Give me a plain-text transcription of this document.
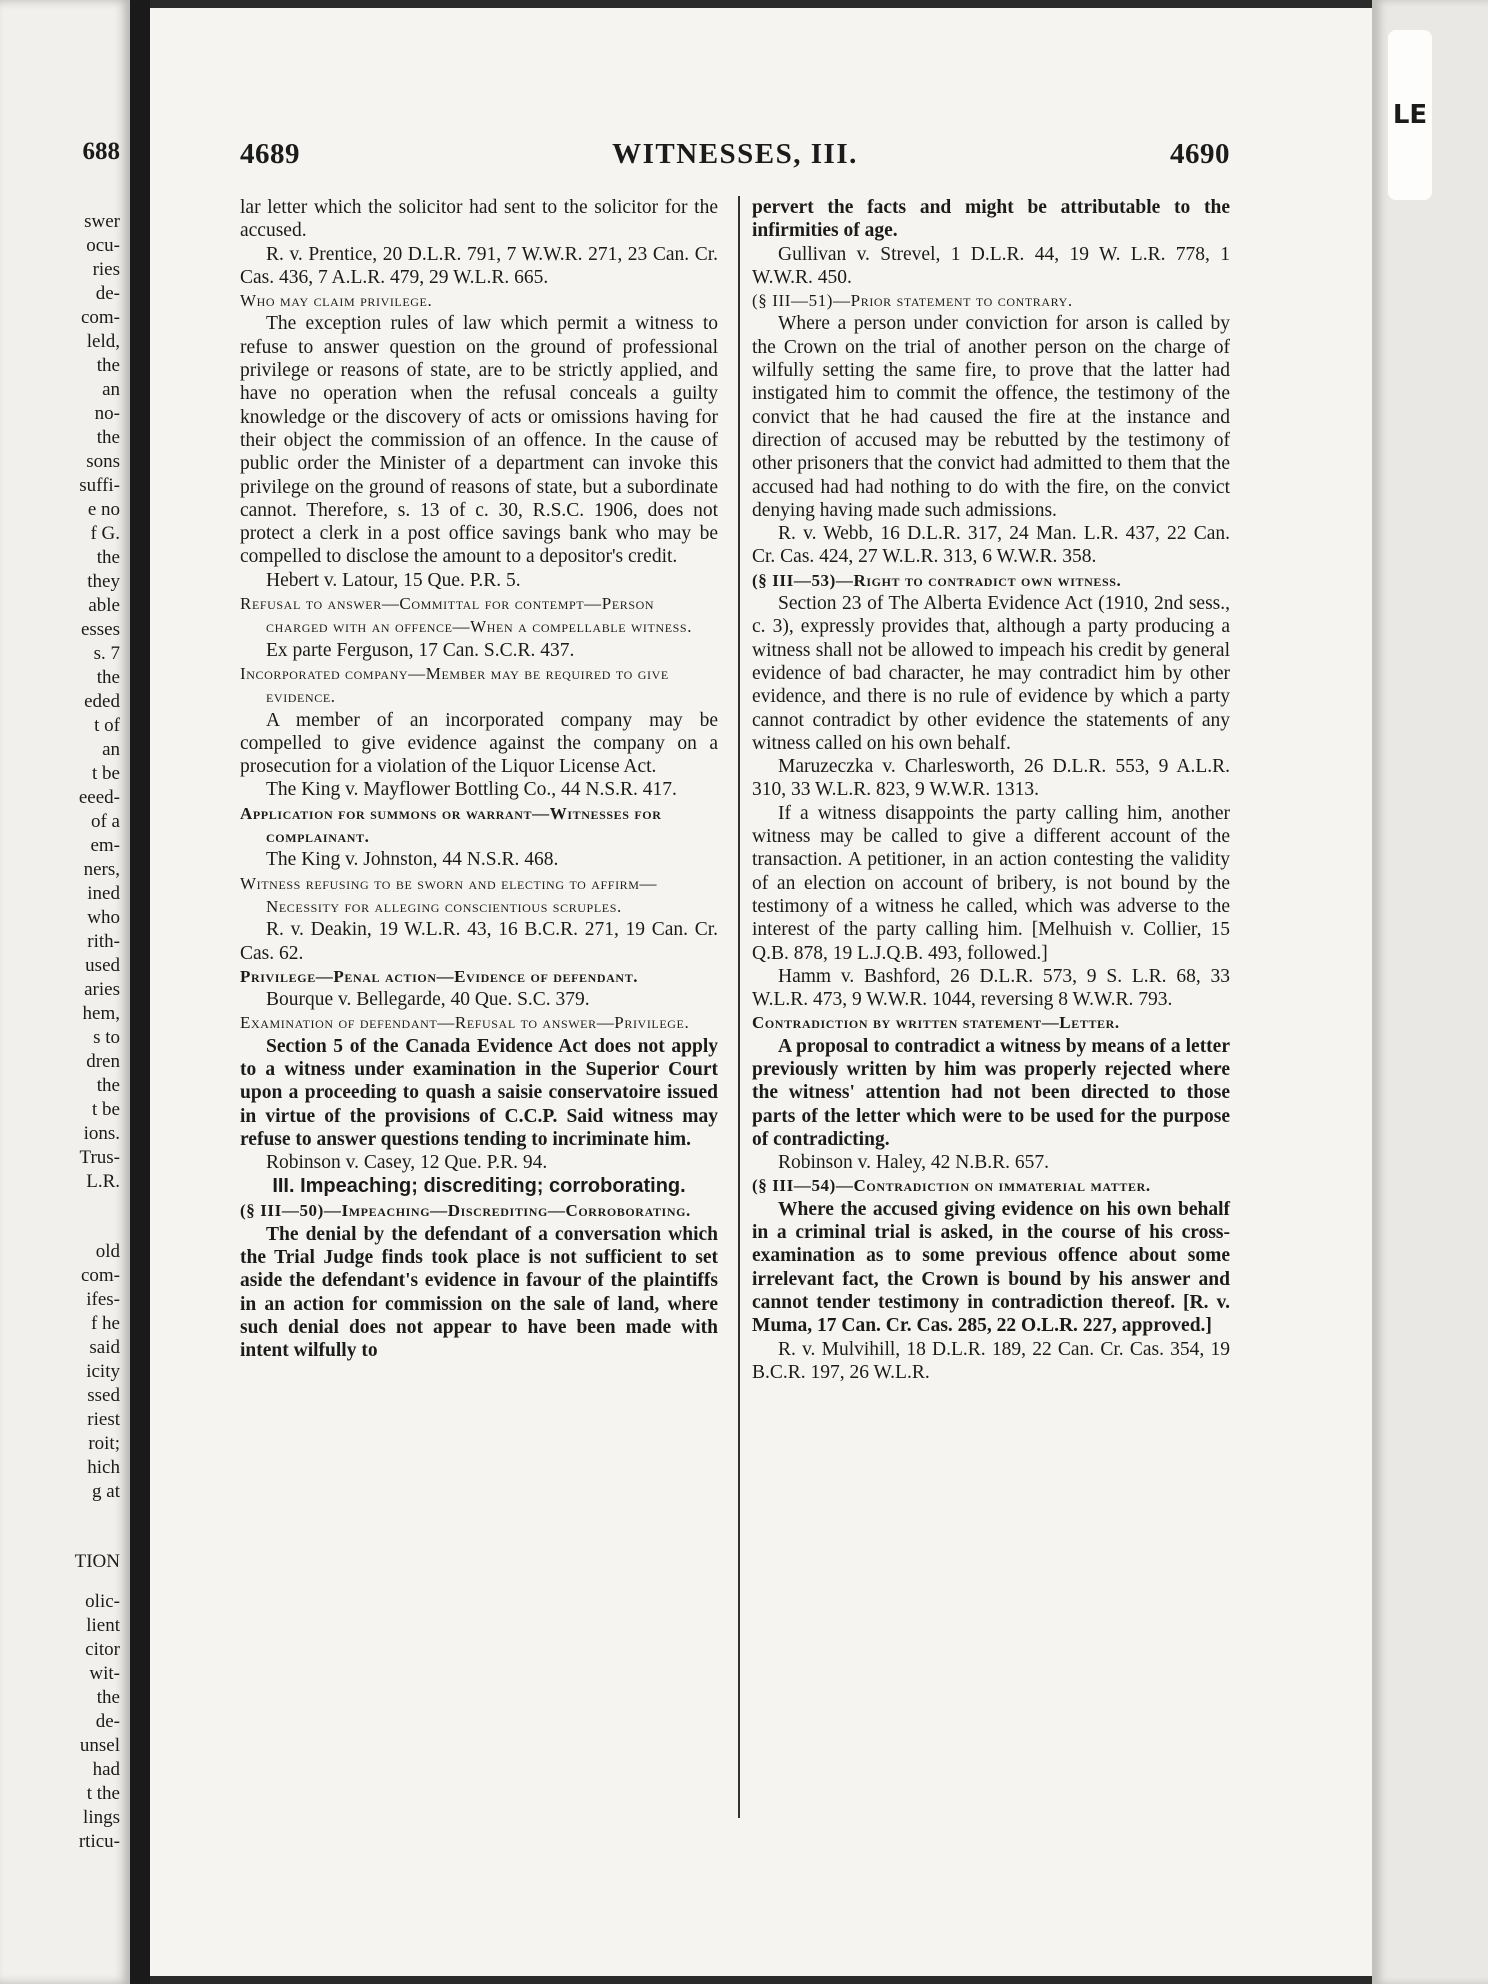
688
swer
ocu-
ries
de-
com-
leld,
the
an
no-
the
sons
suffi-
e no
f G.
the
they
able
esses
s. 7
the
eded
t of
an
t be
eeed-
of a
em-
ners,
ined
who
rith-
used
aries
hem,
s to
dren
the
t be
ions.
Trus-
L.R.
old
com-
ifes-
f he
said
icity
ssed
riest
roit;
hich
g at
TION
olic-
lient
citor
wit-
the
de-
unsel
had
t the
lings
rticu-
LE
4689	WITNESSES, III.	4690

lar letter which the solicitor had sent to the solicitor for the accused.

R. v. Prentice, 20 D.L.R. 791, 7 W.W.R. 271, 23 Can. Cr. Cas. 436, 7 A.L.R. 479, 29 W.L.R. 665.

Who may claim privilege.

The exception rules of law which permit a witness to refuse to answer question on the ground of professional privilege or reasons of state, are to be strictly applied, and have no operation when the refusal conceals a guilty knowledge or the discovery of acts or omissions having for their object the commission of an offence. In the cause of public order the Minister of a department can invoke this privilege on the ground of reasons of state, but a subordinate cannot. Therefore, s. 13 of c. 30, R.S.C. 1906, does not protect a clerk in a post office savings bank who may be compelled to disclose the amount to a depositor's credit.

Hebert v. Latour, 15 Que. P.R. 5.

Refusal to answer—Committal for contempt—Person charged with an offence—When a compellable witness.

Ex parte Ferguson, 17 Can. S.C.R. 437.

Incorporated company—Member may be required to give evidence.

A member of an incorporated company may be compelled to give evidence against the company on a prosecution for a violation of the Liquor License Act.

The King v. Mayflower Bottling Co., 44 N.S.R. 417.

Application for summons or warrant—Witnesses for complainant.

The King v. Johnston, 44 N.S.R. 468.

Witness refusing to be sworn and electing to affirm—Necessity for alleging conscientious scruples.

R. v. Deakin, 19 W.L.R. 43, 16 B.C.R. 271, 19 Can. Cr. Cas. 62.

Privilege—Penal action—Evidence of defendant.

Bourque v. Bellegarde, 40 Que. S.C. 379.

Examination of defendant—Refusal to answer—Privilege.

Section 5 of the Canada Evidence Act does not apply to a witness under examination in the Superior Court upon a proceeding to quash a saisie conservatoire issued in virtue of the provisions of C.C.P. Said witness may refuse to answer questions tending to incriminate him.

Robinson v. Casey, 12 Que. P.R. 94.

III. Impeaching; discrediting; corroborating.

(§ III—50)—Impeaching—Discrediting—Corroborating.

The denial by the defendant of a conversation which the Trial Judge finds took place is not sufficient to set aside the defendant's evidence in favour of the plaintiffs in an action for commission on the sale of land, where such denial does not appear to have been made with intent wilfully to

pervert the facts and might be attributable to the infirmities of age.

Gullivan v. Strevel, 1 D.L.R. 44, 19 W. L.R. 778, 1 W.W.R. 450.

(§ III—51)—Prior statement to contrary.

Where a person under conviction for arson is called by the Crown on the trial of another person on the charge of wilfully setting the same fire, to prove that the latter had instigated him to commit the offence, the testimony of the convict that he had caused the fire at the instance and direction of accused may be rebutted by the testimony of other prisoners that the convict had admitted to them that the accused had had nothing to do with the fire, on the convict denying having made such admissions.

R. v. Webb, 16 D.L.R. 317, 24 Man. L.R. 437, 22 Can. Cr. Cas. 424, 27 W.L.R. 313, 6 W.W.R. 358.

(§ III—53)—Right to contradict own witness.

Section 23 of The Alberta Evidence Act (1910, 2nd sess., c. 3), expressly provides that, although a party producing a witness shall not be allowed to impeach his credit by general evidence of bad character, he may contradict him by other evidence, and there is no rule of evidence by which a party cannot contradict by other evidence the statements of any witness called on his own behalf.

Maruzeczka v. Charlesworth, 26 D.L.R. 553, 9 A.L.R. 310, 33 W.L.R. 823, 9 W.W.R. 1313.

If a witness disappoints the party calling him, another witness may be called to give a different account of the transaction. A petitioner, in an action contesting the validity of an election on account of bribery, is not bound by the testimony of a witness he called, which was adverse to the interest of the party calling him. [Melhuish v. Collier, 15 Q.B. 878, 19 L.J.Q.B. 493, followed.]

Hamm v. Bashford, 26 D.L.R. 573, 9 S. L.R. 68, 33 W.L.R. 473, 9 W.W.R. 1044, reversing 8 W.W.R. 793.

Contradiction by written statement—Letter.

A proposal to contradict a witness by means of a letter previously written by him was properly rejected where the witness' attention had not been directed to those parts of the letter which were to be used for the purpose of contradicting.

Robinson v. Haley, 42 N.B.R. 657.

(§ III—54)—Contradiction on immaterial matter.

Where the accused giving evidence on his own behalf in a criminal trial is asked, in the course of his cross-examination as to some previous offence about some irrelevant fact, the Crown is bound by his answer and cannot tender testimony in contradiction thereof. [R. v. Muma, 17 Can. Cr. Cas. 285, 22 O.L.R. 227, approved.]

R. v. Mulvihill, 18 D.L.R. 189, 22 Can. Cr. Cas. 354, 19 B.C.R. 197, 26 W.L.R.
